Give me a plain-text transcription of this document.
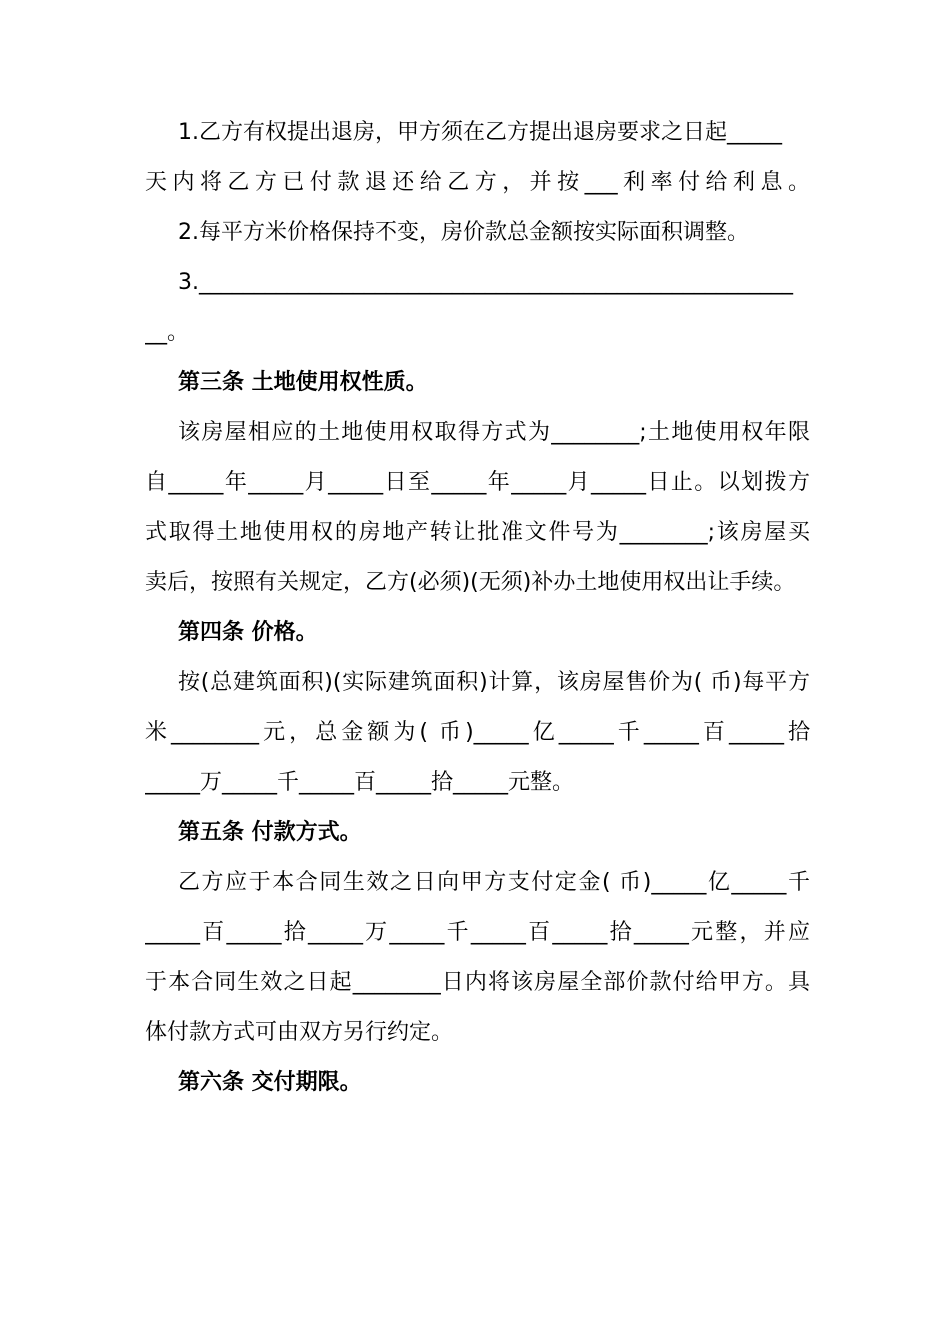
1.乙方有权提出退房，甲方须在乙方提出退房要求之日起_____
天内将乙方已付款退还给乙方，并按___利率付给利息。
2.每平方米价格保持不变，房价款总金额按实际面积调整。
3.______________________________________________________
__。
第三条 土地使用权性质。
该房屋相应的土地使用权取得方式为________;土地使用权年限
自_____年_____月_____日至_____年_____月_____日止。以划拨方
式取得土地使用权的房地产转让批准文件号为________;该房屋买
卖后，按照有关规定，乙方(必须)(无须)补办土地使用权出让手续。
第四条 价格。
按(总建筑面积)(实际建筑面积)计算，该房屋售价为( 币)每平方
米________元，总金额为( 币)_____亿_____千_____百_____拾
_____万_____千_____百_____拾_____元整。
第五条 付款方式。
乙方应于本合同生效之日向甲方支付定金( 币)_____亿_____千
_____百_____拾_____万_____千_____百_____拾_____元整，并应
于本合同生效之日起________日内将该房屋全部价款付给甲方。具
体付款方式可由双方另行约定。
第六条 交付期限。
